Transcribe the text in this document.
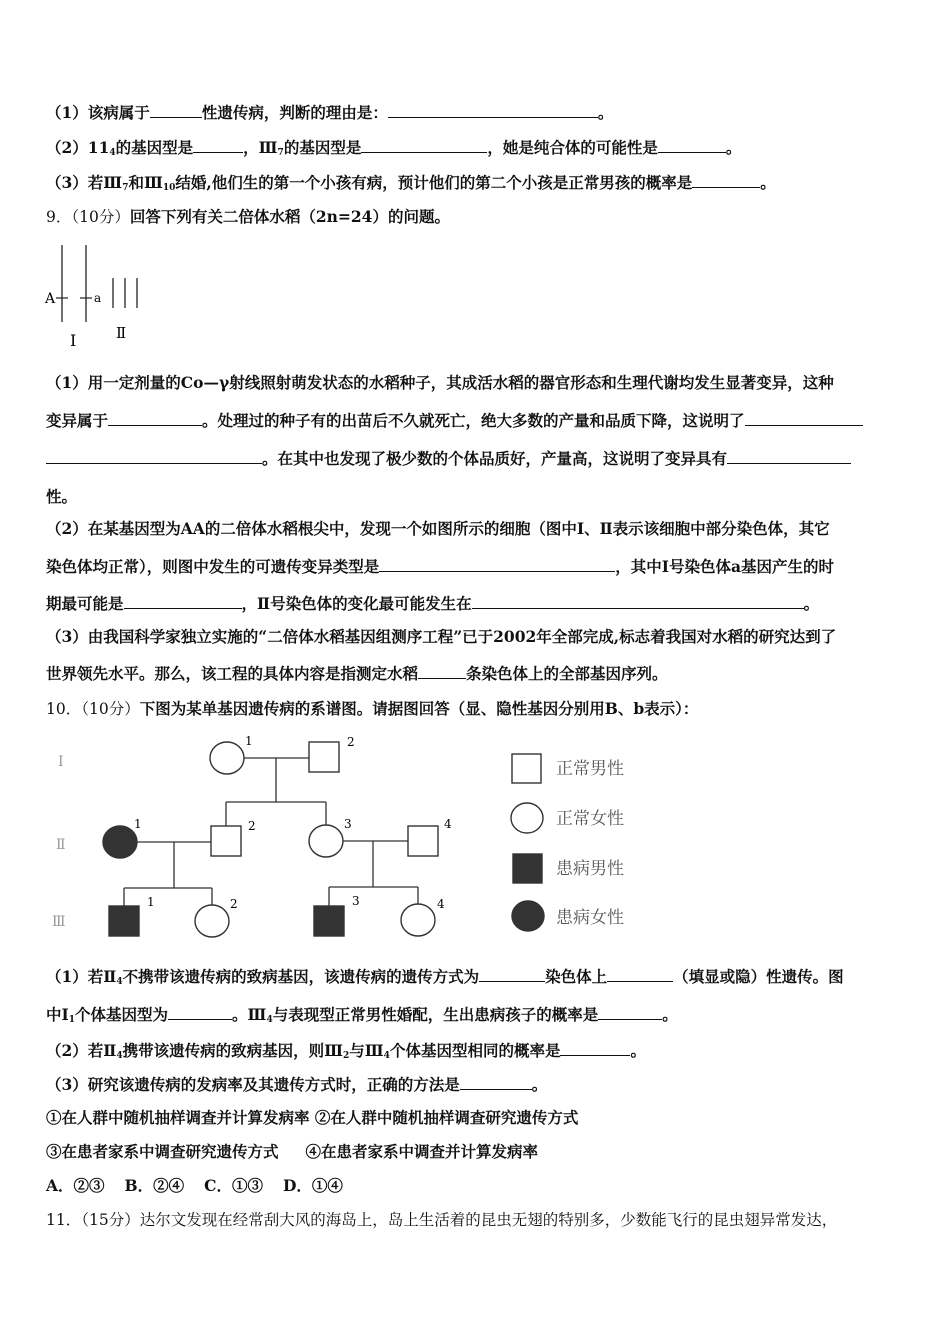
（1）该病属于	性遗传病，判断的理由是：	。
$(2)11_4$的基因型是	，$Ⅲ_7$的基因型是	，她是纯合体的可能性是	。
（3）若$Ⅲ_7$和$Ⅲ_{10}$结婚,他们生的第一个小孩有病，预计他们的第二个小孩是正常男孩的概率是	。
9．（10分）回答下列有关二倍体水稻（2n=24）的问题。
A	a
Ⅰ	Ⅱ
（1）用一定剂量的Co—γ射线照射萌发状态的水稻种子，其成活水稻的器官形态和生理代谢均发生显著变异，这种
变异属于	。处理过的种子有的出苗后不久就死亡，绝大多数的产量和品质下降，这说明了
。在其中也发现了极少数的个体品质好，产量高，这说明了变异具有
性。
（2）在某基因型为AA的二倍体水稻根尖中，发现一个如图所示的细胞（图中Ⅰ、Ⅱ表示该细胞中部分染色体，其它
染色体均正常），则图中发生的可遗传变异类型是	，其中Ⅰ号染色体a基因产生的时
期最可能是	，Ⅱ号染色体的变化最可能发生在	。
（3）由我国科学家独立实施的“二倍体水稻基因组测序工程”已于2002年全部完成,标志着我国对水稻的研究达到了
世界领先水平。那么，该工程的具体内容是指测定水稻	条染色体上的全部基因序列。
10．（10分）下图为某单基因遗传病的系谱图。请据图回答（显、隐性基因分别用B、b表示）：
Ⅰ
Ⅱ
Ⅲ
1	2
1	2	3	4
1	2	3	4
正常男性
正常女性
患病男性
患病女性
（1）若$Ⅱ_4$不携带该遗传病的致病基因，该遗传病的遗传方式为	染色体上	（填显或隐）性遗传。图
中$Ⅰ_1$个体基因型为	。$Ⅲ_4$与表现型正常男性婚配，生出患病孩子的概率是	。
（2）若$Ⅱ_4$携带该遗传病的致病基因，则$Ⅲ_2$与$Ⅲ_4$个体基因型相同的概率是	。
（3）研究该遗传病的发病率及其遗传方式时，正确的方法是	。
①在人群中随机抽样调查并计算发病率 ②在人群中随机抽样调查研究遗传方式
③在患者家系中调查研究遗传方式     ④在患者家系中调查并计算发病率
A．②③ B．②④ C．①③ D．①④
11．（15分）达尔文发现在经常刮大风的海岛上，岛上生活着的昆虫无翅的特别多，少数能飞行的昆虫翅异常发达，
